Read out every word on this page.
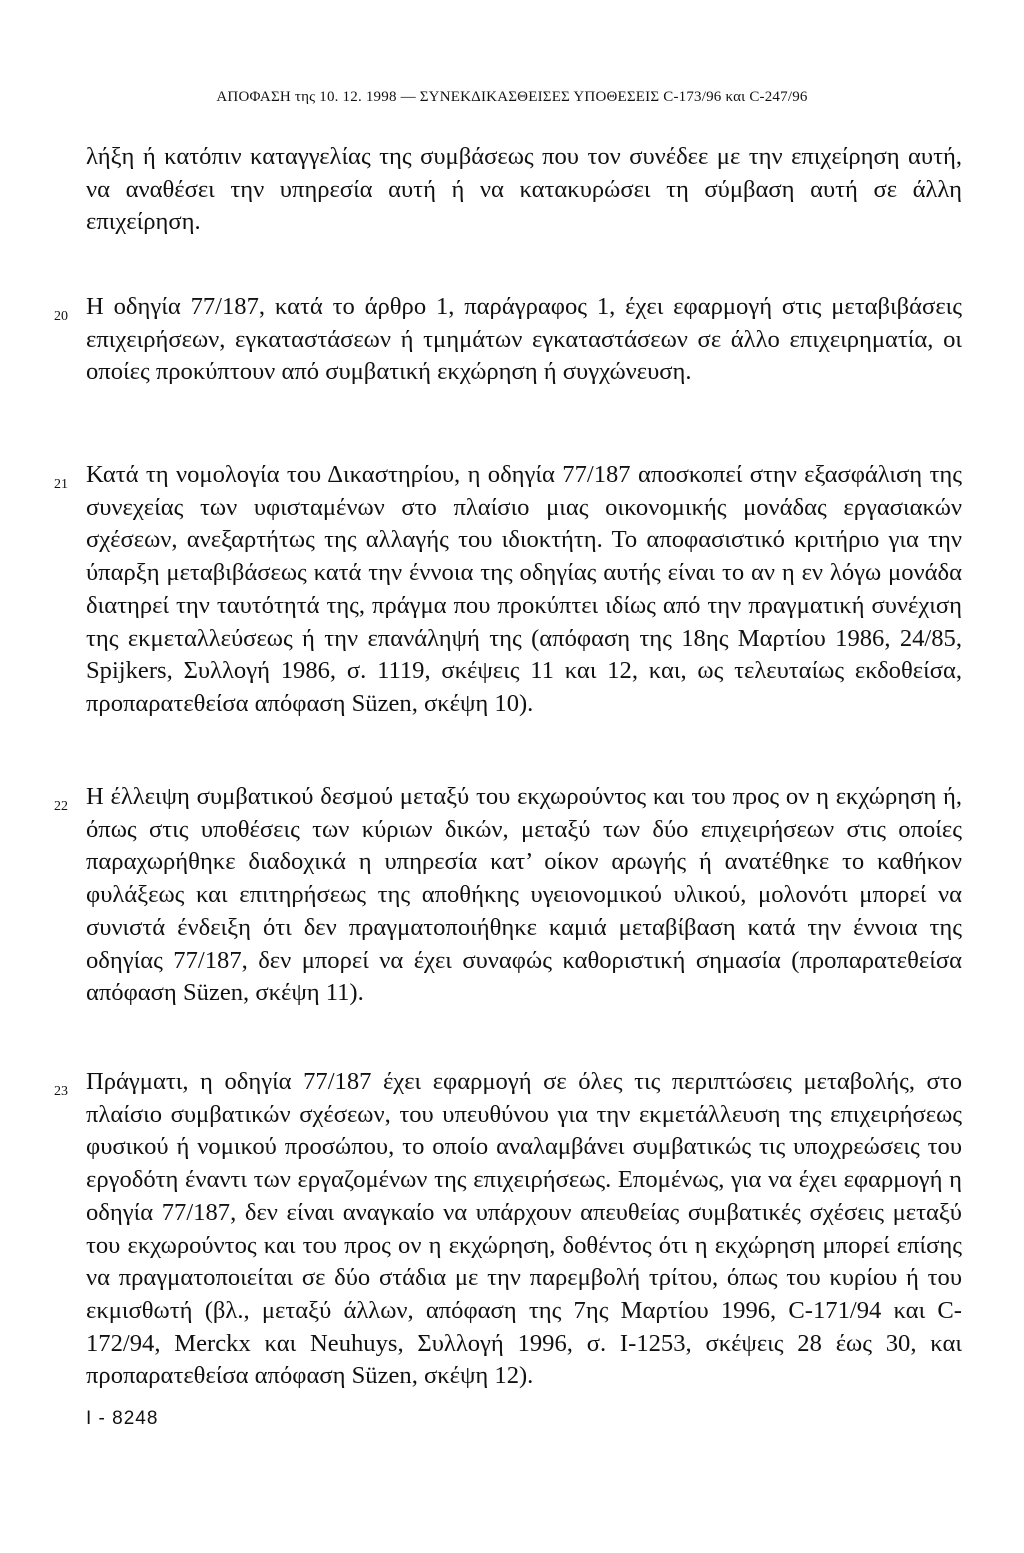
ΑΠΟΦΑΣΗ της 10. 12. 1998 — ΣΥΝΕΚΔΙΚΑΣΘΕΙΣΕΣ ΥΠΟΘΕΣΕΙΣ C-173/96 και C-247/96

λήξη ή κατόπιν καταγγελίας της συμβάσεως που τον συνέδεε με την επιχείρηση αυτή, να αναθέσει την υπηρεσία αυτή ή να κατακυρώσει τη σύμβαση αυτή σε άλλη επιχείρηση.

20 Η οδηγία 77/187, κατά το άρθρο 1, παράγραφος 1, έχει εφαρμογή στις μεταβιβάσεις επιχειρήσεων, εγκαταστάσεων ή τμημάτων εγκαταστάσεων σε άλλο επιχειρηματία, οι οποίες προκύπτουν από συμβατική εκχώρηση ή συγχώνευση.

21 Κατά τη νομολογία του Δικαστηρίου, η οδηγία 77/187 αποσκοπεί στην εξασφάλιση της συνεχείας των υφισταμένων στο πλαίσιο μιας οικονομικής μονάδας εργασιακών σχέσεων, ανεξαρτήτως της αλλαγής του ιδιοκτήτη. Το αποφασιστικό κριτήριο για την ύπαρξη μεταβιβάσεως κατά την έννοια της οδηγίας αυτής είναι το αν η εν λόγω μονάδα διατηρεί την ταυτότητά της, πράγμα που προκύπτει ιδίως από την πραγματική συνέχιση της εκμεταλλεύσεως ή την επανάληψή της (απόφαση της 18ης Μαρτίου 1986, 24/85, Spijkers, Συλλογή 1986, σ. 1119, σκέψεις 11 και 12, και, ως τελευταίως εκδοθείσα, προπαρατεθείσα απόφαση Süzen, σκέψη 10).

22 Η έλλειψη συμβατικού δεσμού μεταξύ του εκχωρούντος και του προς ον η εκχώρηση ή, όπως στις υποθέσεις των κύριων δικών, μεταξύ των δύο επιχειρήσεων στις οποίες παραχωρήθηκε διαδοχικά η υπηρεσία κατ’ οίκον αρωγής ή ανατέθηκε το καθήκον φυλάξεως και επιτηρήσεως της αποθήκης υγειονομικού υλικού, μολονότι μπορεί να συνιστά ένδειξη ότι δεν πραγματοποιήθηκε καμιά μεταβίβαση κατά την έννοια της οδηγίας 77/187, δεν μπορεί να έχει συναφώς καθοριστική σημασία (προπαρατεθείσα απόφαση Süzen, σκέψη 11).

23 Πράγματι, η οδηγία 77/187 έχει εφαρμογή σε όλες τις περιπτώσεις μεταβολής, στο πλαίσιο συμβατικών σχέσεων, του υπευθύνου για την εκμετάλλευση της επιχειρήσεως φυσικού ή νομικού προσώπου, το οποίο αναλαμβάνει συμβατικώς τις υποχρεώσεις του εργοδότη έναντι των εργαζομένων της επιχειρήσεως. Επομένως, για να έχει εφαρμογή η οδηγία 77/187, δεν είναι αναγκαίο να υπάρχουν απευθείας συμβατικές σχέσεις μεταξύ του εκχωρούντος και του προς ον η εκχώρηση, δοθέντος ότι η εκχώρηση μπορεί επίσης να πραγματοποιείται σε δύο στάδια με την παρεμβολή τρίτου, όπως του κυρίου ή του εκμισθωτή (βλ., μεταξύ άλλων, απόφαση της 7ης Μαρτίου 1996, C-171/94 και C-172/94, Merckx και Neuhuys, Συλλογή 1996, σ. I-1253, σκέψεις 28 έως 30, και προπαρατεθείσα απόφαση Süzen, σκέψη 12).

I - 8248
